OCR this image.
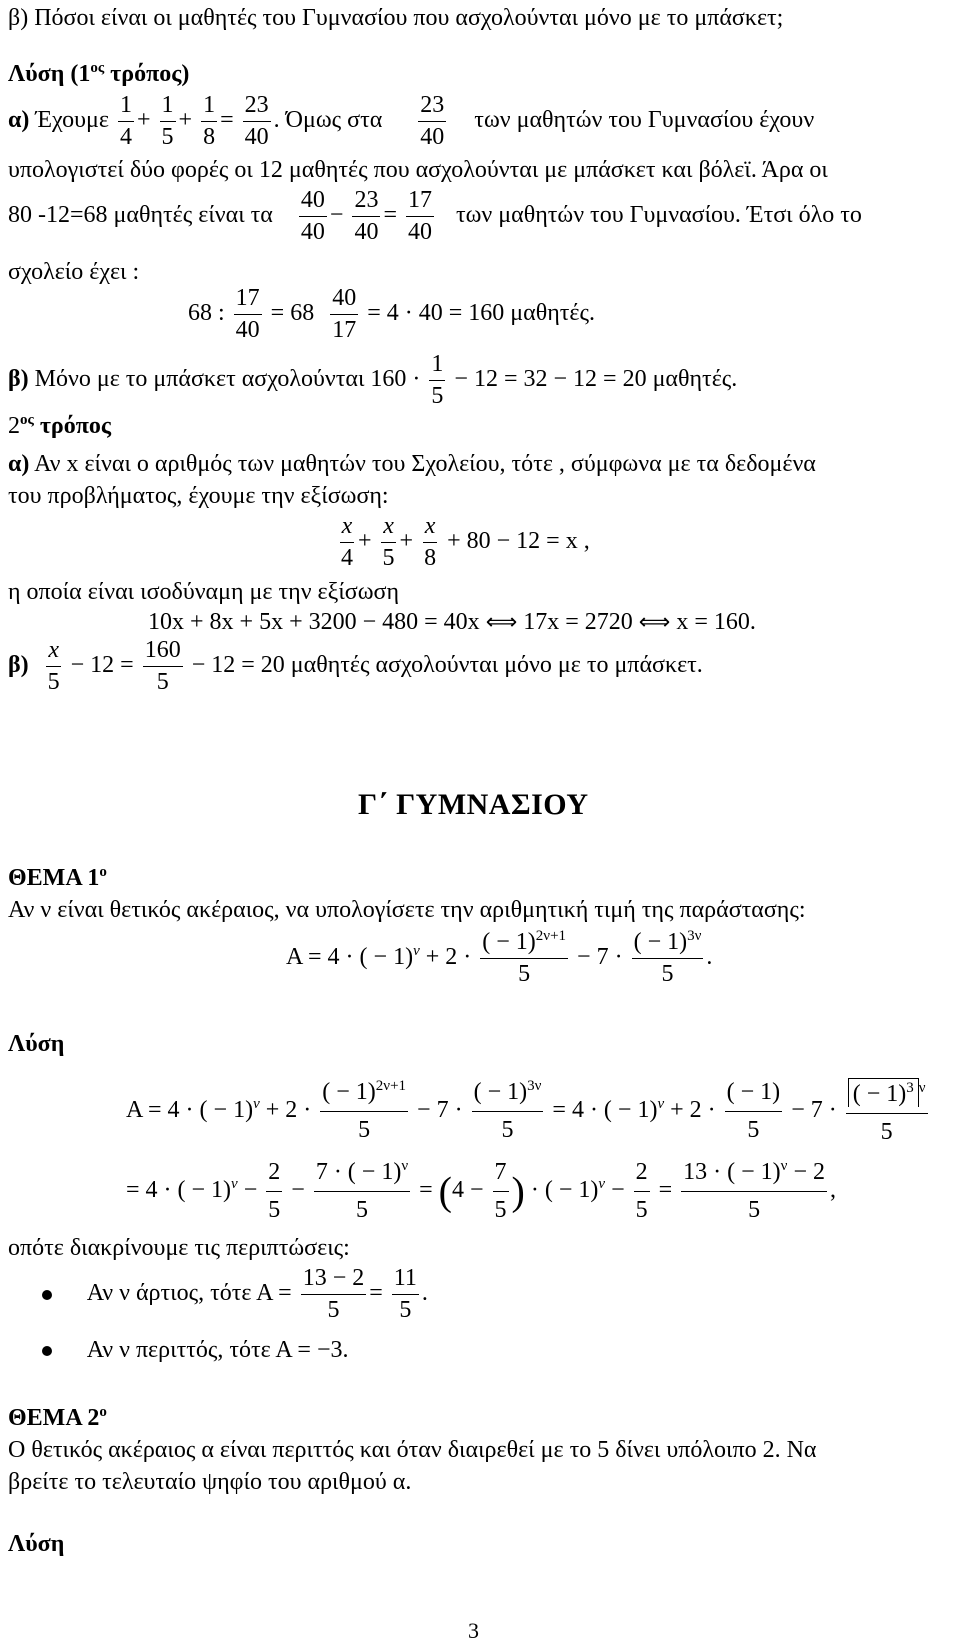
β) Πόσοι είναι οι μαθητές του Γυμνασίου που ασχολούνται μόνο με το μπάσκετ;
Λύση ($1^{o\varsigma}$ τρόπος)
α) Έχουμε $\frac{1}{4} + \frac{1}{5} + \frac{1}{8} = \frac{23}{40}$ . Όμως στα $\frac{23}{40}$ των μαθητών του Γυμνασίου έχουν
υπολογιστεί δύο φορές οι 12 μαθητές που ασχολούνται με μπάσκετ και βόλεϊ. Άρα οι
80 -12=68 μαθητές είναι τα $\frac{40}{40} - \frac{23}{40} = \frac{17}{40}$ των μαθητών του Γυμνασίου. Έτσι όλο το
σχολείο έχει :
68 : $\frac{17}{40} = 68 \frac{40}{17} = 4 \cdot 40 = 160$ μαθητές.
β) Μόνο με το μπάσκετ ασχολούνται $160 \cdot \frac{1}{5} - 12 = 32 - 12 = 20$ μαθητές.
$2^{o\varsigma}$ τρόπος
α) Αν x είναι ο αριθμός των μαθητών του Σχολείου, τότε , σύμφωνα με τα δεδομένα
του προβλήματος, έχουμε την εξίσωση:
$\frac{x}{4} + \frac{x}{5} + \frac{x}{8} + 80 - 12 = x$ ,
η οποία είναι ισοδύναμη με την εξίσωση
10x + 8x + 5x + 3200 − 480 = 40x ⟺ 17x = 2720 ⟺ x = 160.
$\beta) \frac{x}{5} - 12 = \frac{160}{5} - 12 = 20$ μαθητές ασχολούνται μόνο με το μπάσκετ.
Γ΄ ΓΥΜΝΑΣΙΟΥ
ΘΕΜΑ $1^o$
Αν ν είναι θετικός ακέραιος, να υπολογίσετε την αριθμητική τιμή της παράστασης:
Α = 4 · ( − $1)^\nu + 2 \cdot \frac{( - 1)^{2\nu+1}}{5} - 7 \cdot \frac{( - 1)^{3\nu}}{5}$ .
Λύση
Α = 4 · ( − $1)^\nu + 2 \cdot \frac{( - 1)^{2\nu+1}}{5} - 7 \cdot \frac{( - 1)^{3\nu}}{5} = 4$ · ( − $1)^\nu + 2 \cdot \frac{( - 1)}{5} - 7 \cdot \frac{( - 1)^3 ^\nu}{5}$
= 4 · ( − $1)^\nu - \frac{2}{5} - \frac{7 \cdot ( - 1)^\nu}{5} = (4 - \frac{7}{5}$ ) · ( − $1)^\nu - \frac{2}{5} = \frac{13 \cdot ( - 1)^\nu - 2}{5}$ ,
οπότε διακρίνουμε τις περιπτώσεις:
Αν ν άρτιος, τότε $A = \frac{13 - 2}{5} = \frac{11}{5}$ .
Αν ν περιττός, τότε Α = −3.
ΘΕΜΑ $2^o$
Ο θετικός ακέραιος α είναι περιττός και όταν διαιρεθεί με το 5 δίνει υπόλοιπο 2. Να
βρείτε το τελευταίο ψηφίο του αριθμού α.
Λύση
3
